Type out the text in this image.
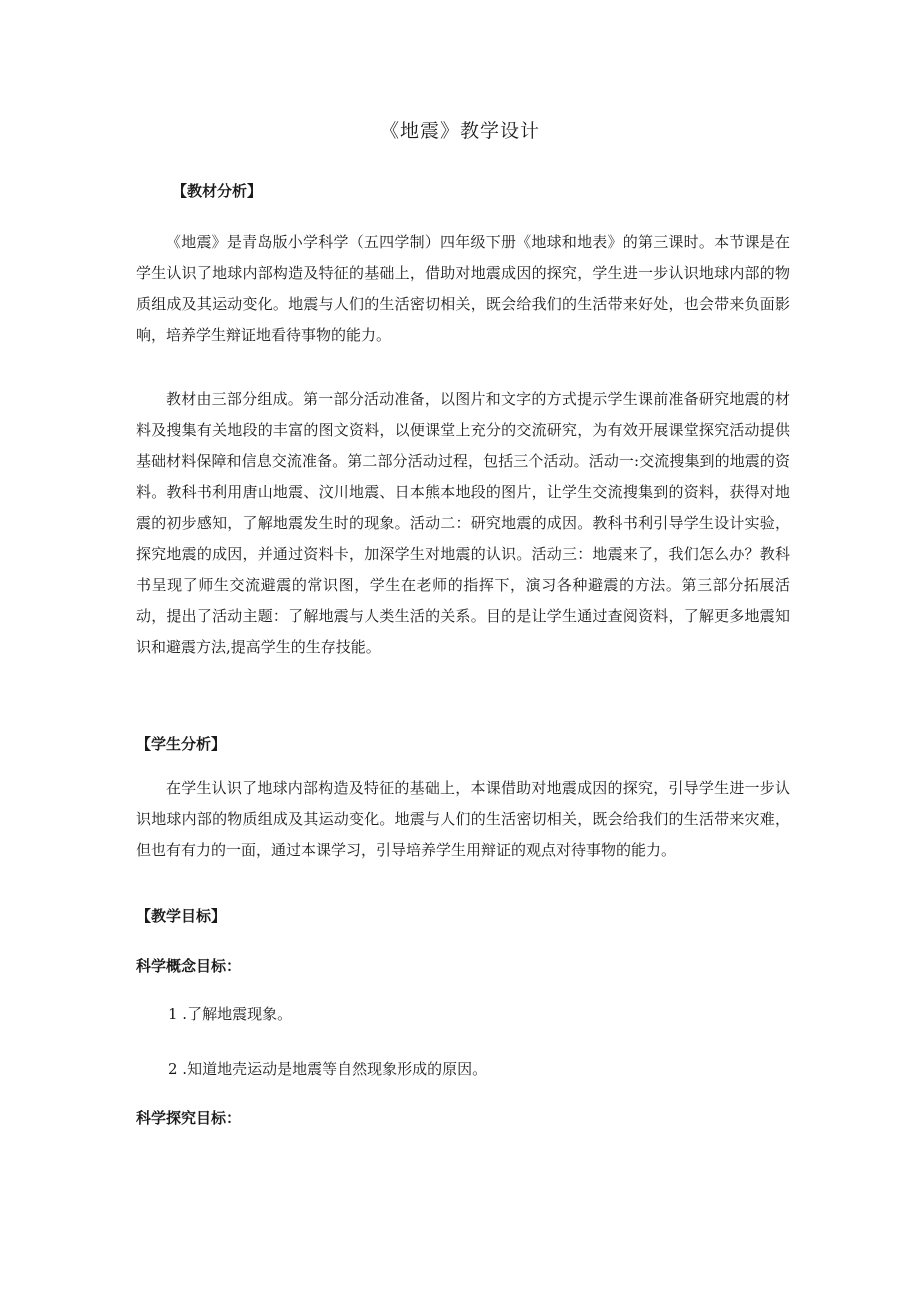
《地震》教学设计
【教材分析】

《地震》是青岛版小学科学（五四学制）四年级下册《地球和地表》的第三课时。本节课是在学生认识了地球内部构造及特征的基础上，借助对地震成因的探究，学生进一步认识地球内部的物质组成及其运动变化。地震与人们的生活密切相关，既会给我们的生活带来好处，也会带来负面影响，培养学生辩证地看待事物的能力。

教材由三部分组成。第一部分活动准备，以图片和文字的方式提示学生课前准备研究地震的材料及搜集有关地段的丰富的图文资料，以便课堂上充分的交流研究，为有效开展课堂探究活动提供基础材料保障和信息交流准备。第二部分活动过程，包括三个活动。活动一:交流搜集到的地震的资料。教科书利用唐山地震、汶川地震、日本熊本地段的图片，让学生交流搜集到的资料，获得对地震的初步感知，了解地震发生时的现象。活动二：研究地震的成因。教科书利引导学生设计实验，探究地震的成因，并通过资料卡，加深学生对地震的认识。活动三：地震来了，我们怎么办？教科书呈现了师生交流避震的常识图，学生在老师的指挥下，演习各种避震的方法。第三部分拓展活动，提出了活动主题：了解地震与人类生活的关系。目的是让学生通过查阅资料，了解更多地震知识和避震方法,提高学生的生存技能。

【学生分析】

在学生认识了地球内部构造及特征的基础上，本课借助对地震成因的探究，引导学生进一步认识地球内部的物质组成及其运动变化。地震与人们的生活密切相关，既会给我们的生活带来灾难，但也有有力的一面，通过本课学习，引导培养学生用辩证的观点对待事物的能力。

【教学目标】

科学概念目标：

1 .了解地震现象。

2 .知道地壳运动是地震等自然现象形成的原因。

科学探究目标：
